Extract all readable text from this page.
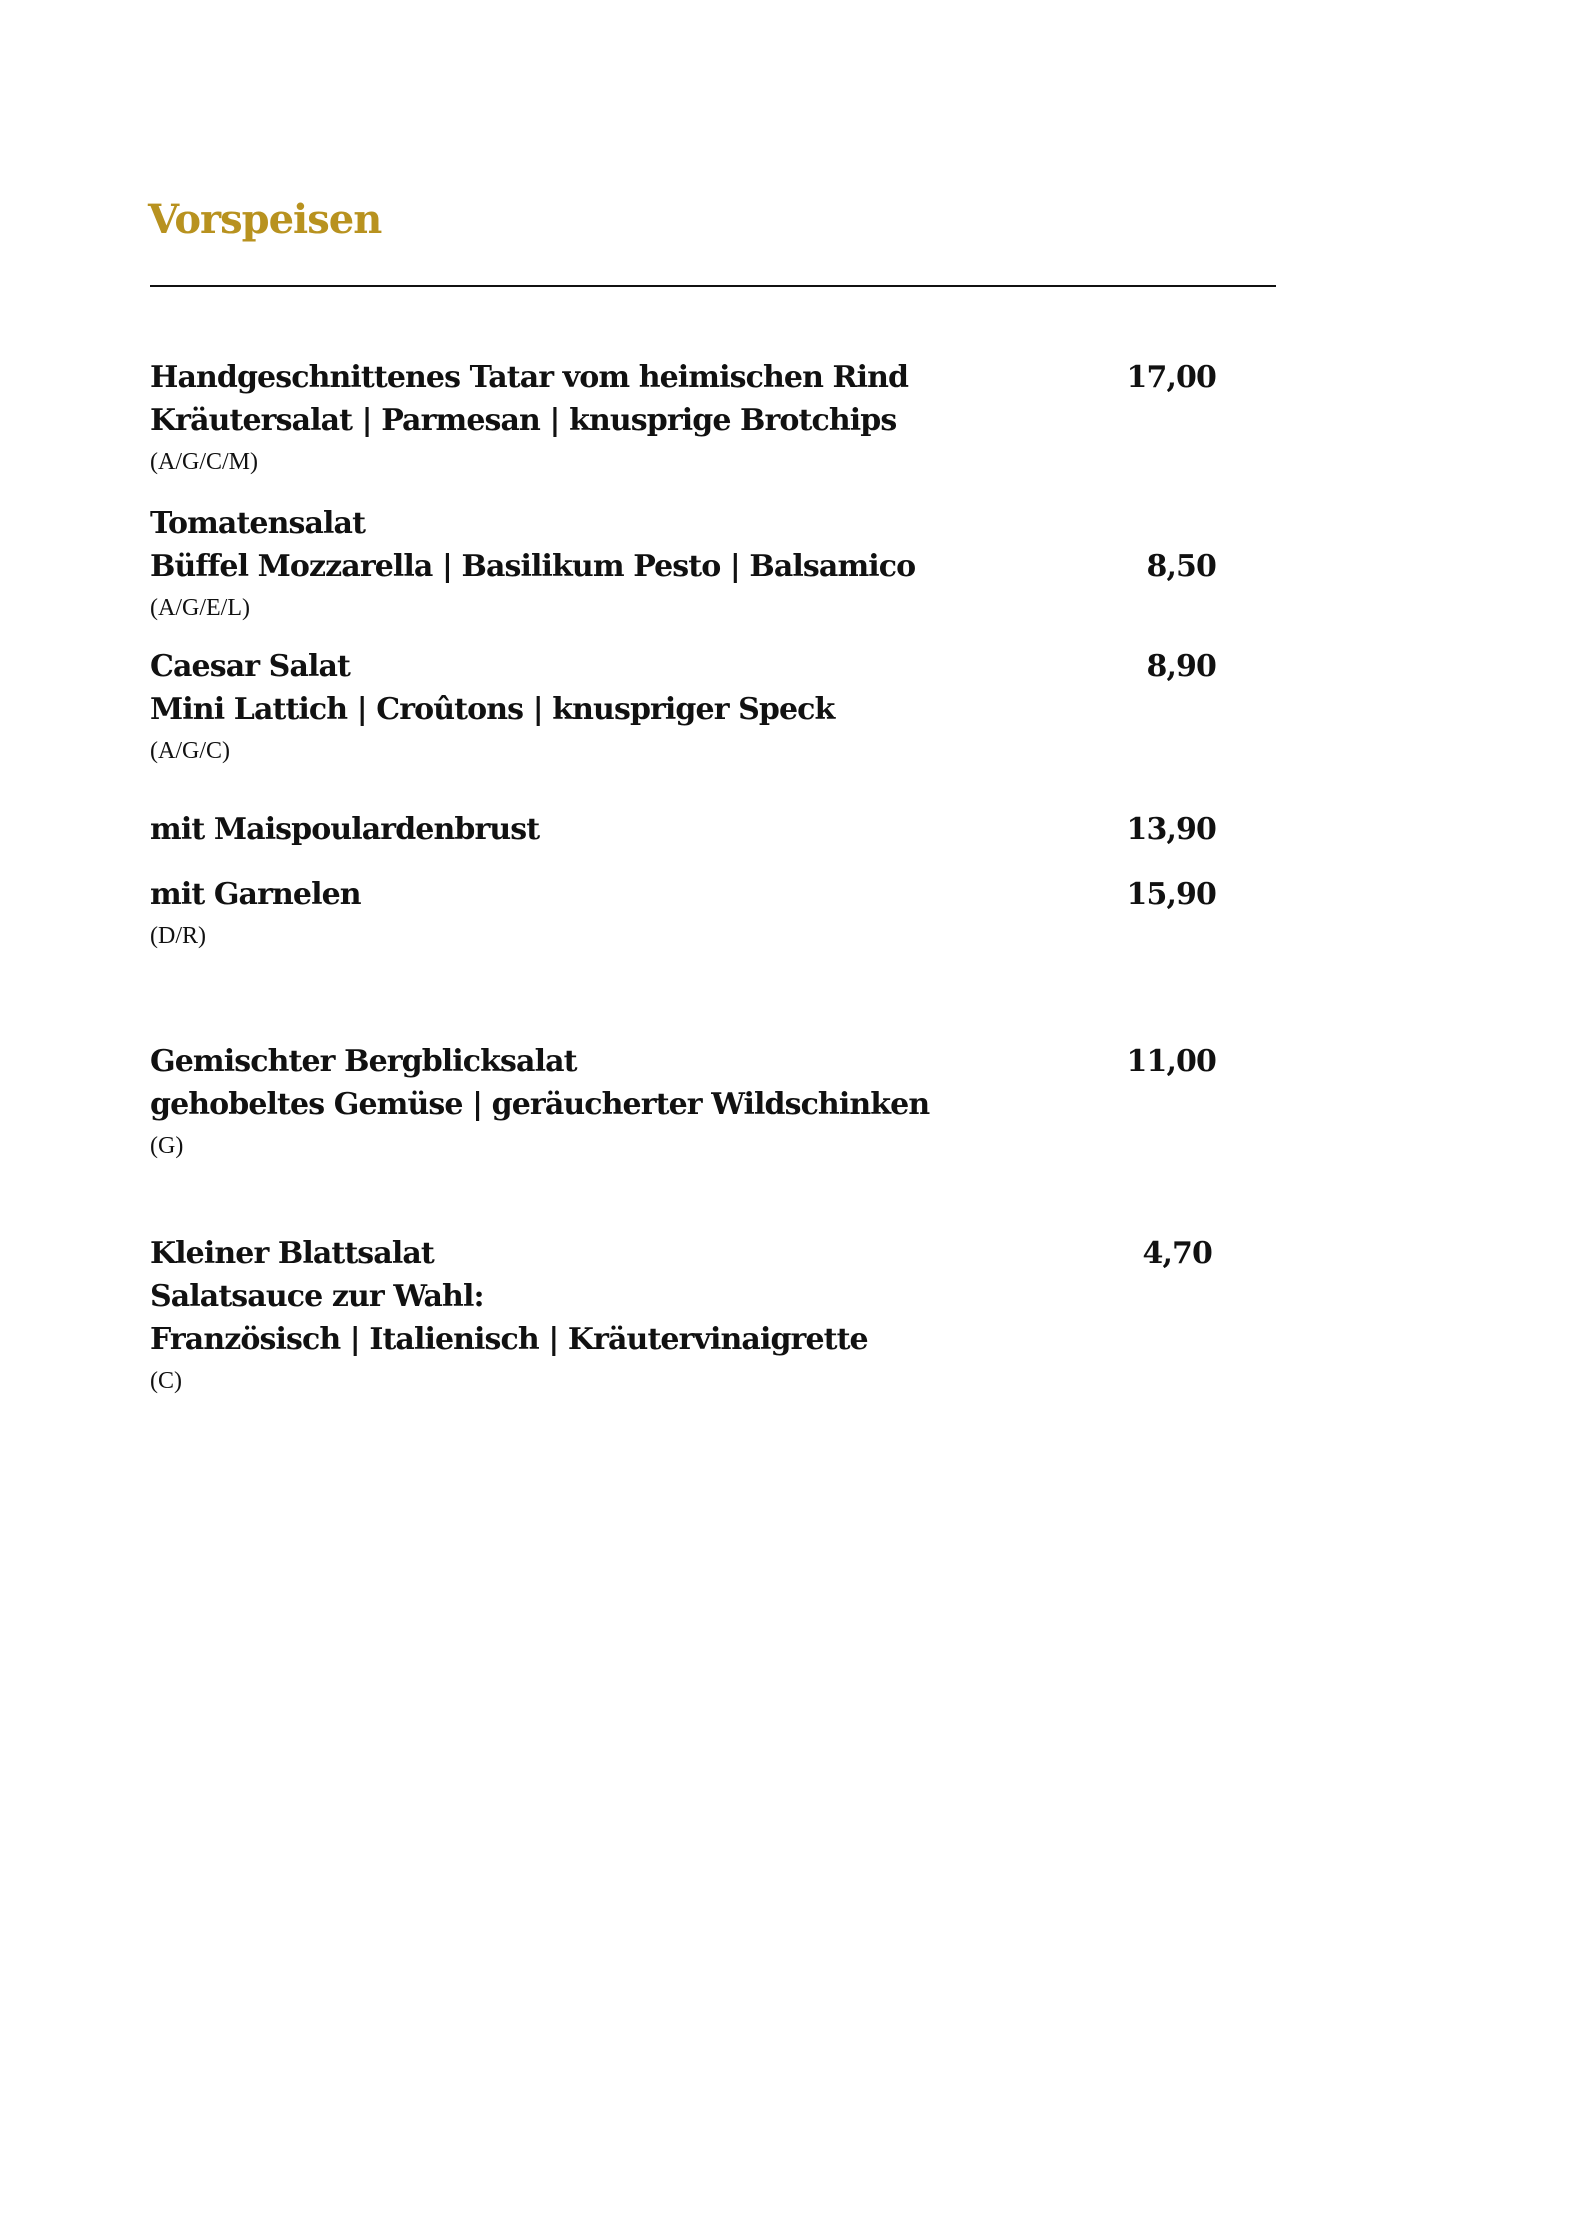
Vorspeisen
Handgeschnittenes Tatar vom heimischen Rind
Kräutersalat | Parmesan | knusprige Brotchips
(A/G/C/M)
17,00
Tomatensalat
Büffel Mozzarella | Basilikum Pesto | Balsamico
(A/G/E/L)
8,50
Caesar Salat
Mini Lattich | Croûtons | knuspriger Speck
(A/G/C)
8,90
mit Maispoulardenbrust	13,90
mit Garnelen
(D/R)
15,90
Gemischter Bergblicksalat
gehobeltes Gemüse | geräucherter Wildschinken
(G)
11,00
Kleiner Blattsalat
Salatsauce zur Wahl:
Französisch | Italienisch | Kräutervinaigrette
(C)
4,70
